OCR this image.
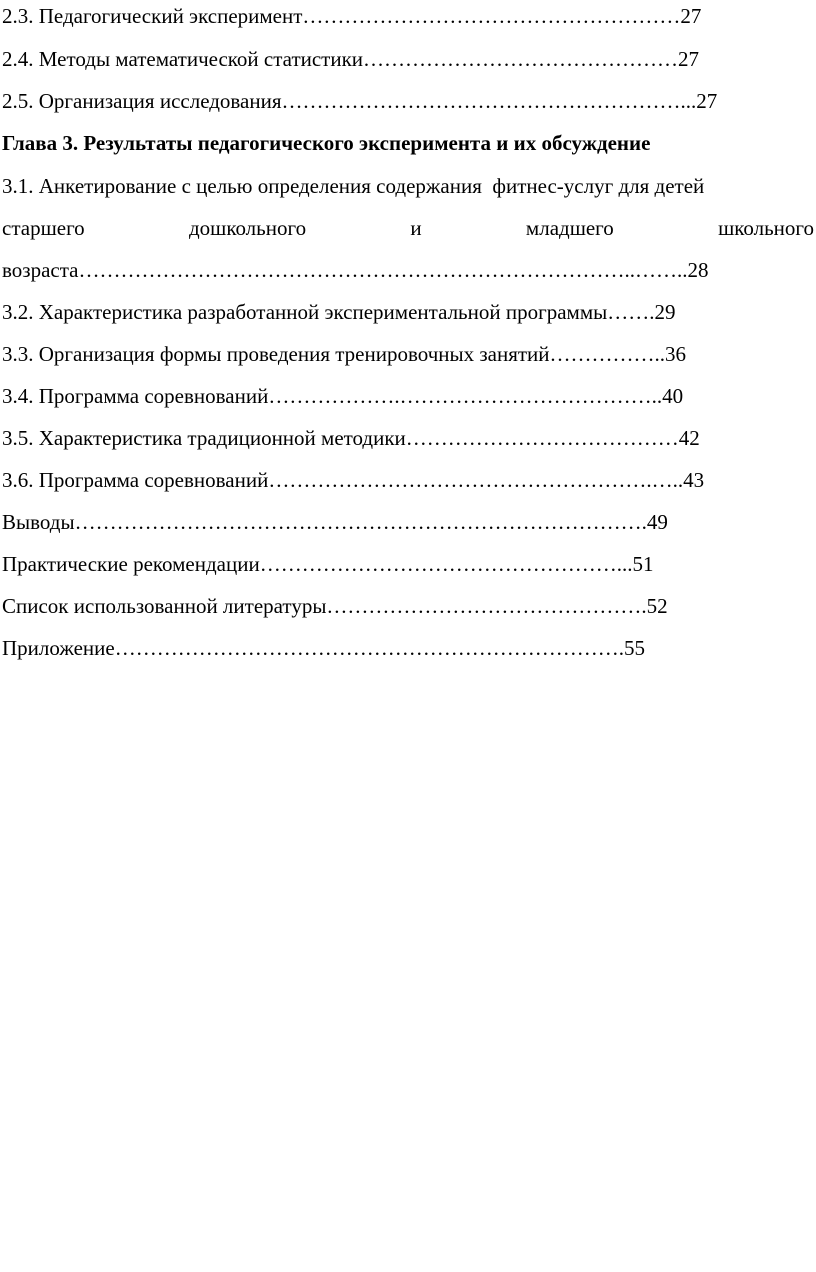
2.3. Педагогический эксперимент………………………………………………27
2.4. Методы математической статистики………………………………………27
2.5. Организация исследования…………………………………………………...27
Глава 3. Результаты педагогического эксперимента и их обсуждение
3.1. Анкетирование с целью определения содержания  фитнес-услуг для детей
старшего	дошкольного	и	младшего	школьного
возраста……………………………………………………………………..……..28
3.2. Характеристика разработанной экспериментальной программы…….29
3.3. Организация формы проведения тренировочных занятий……………..36
3.4. Программа соревнований……………….………………………………..40
3.5. Характеристика традиционной методики…………………………………42
3.6. Программа соревнований……………………………………………….…..43
Выводы……………………………………………………………………….49
Практические рекомендации……………………………………………...51
Список использованной литературы……………………………………….52
Приложение……………………………………………………………….55
